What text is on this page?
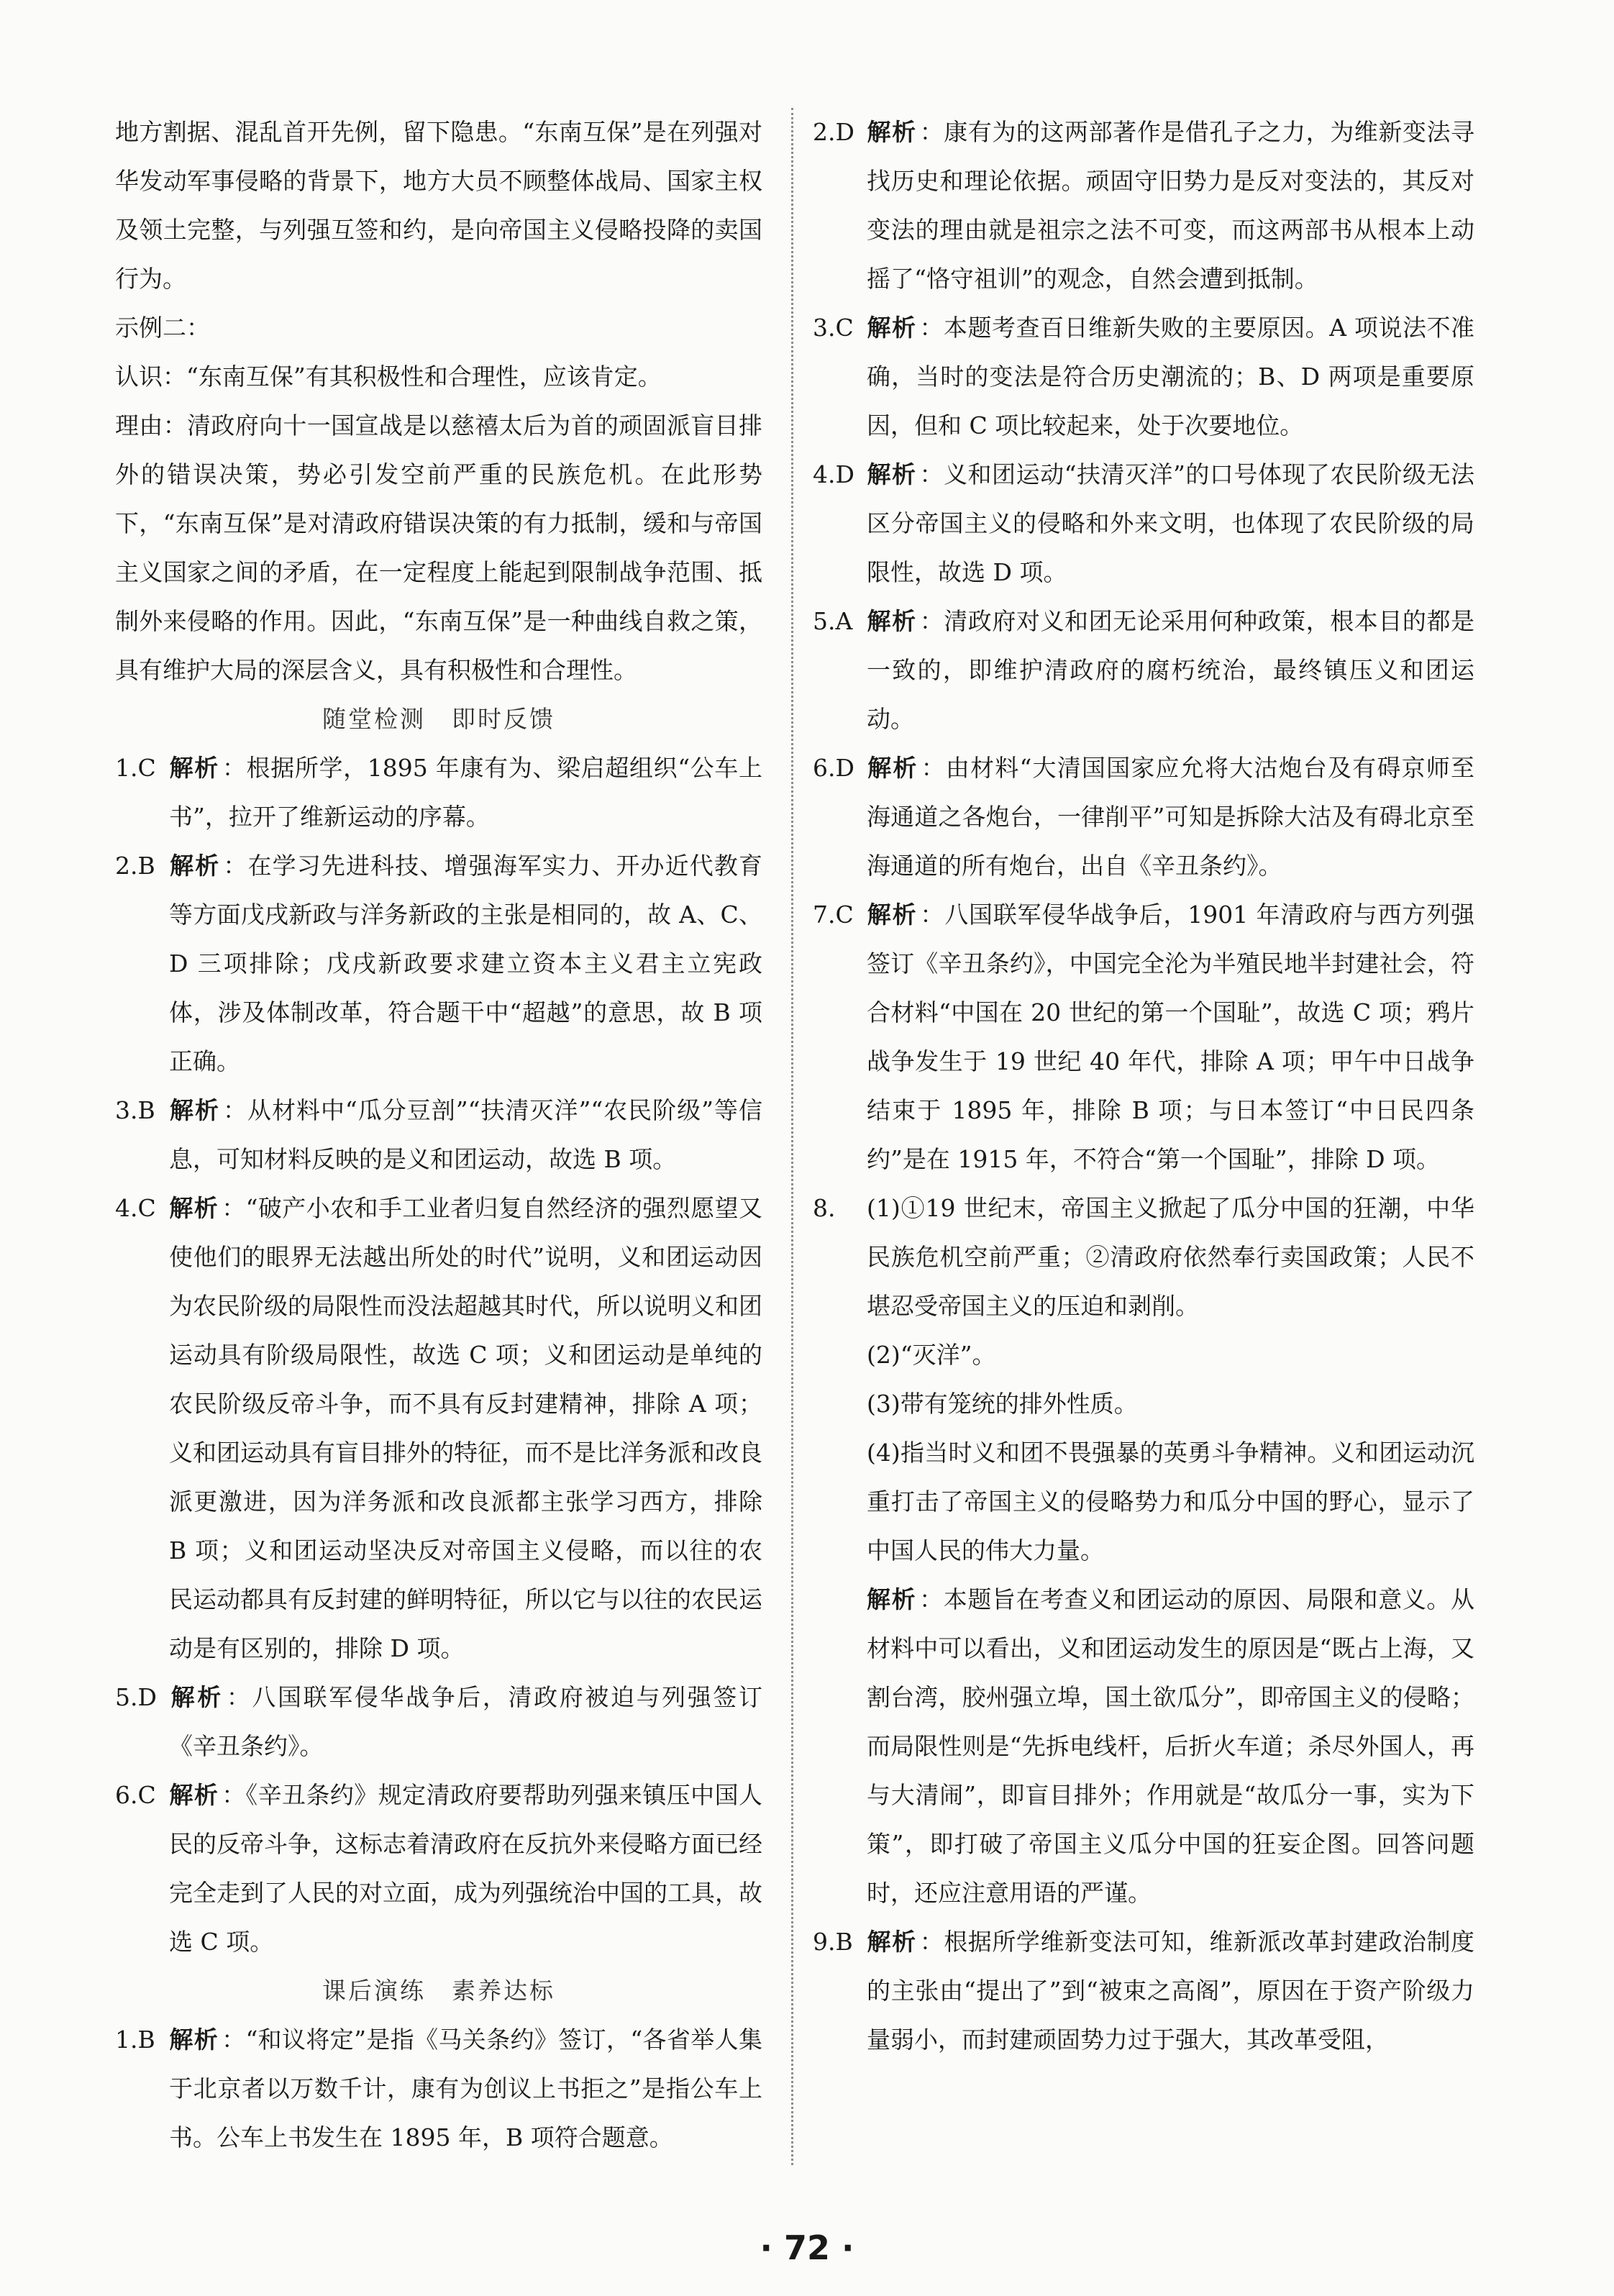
地方割据、混乱首开先例，留下隐患。“东南互保”是在列强对华发动军事侵略的背景下，地方大员不顾整体战局、国家主权及领土完整，与列强互签和约，是向帝国主义侵略投降的卖国行为。

示例二：

认识：“东南互保”有其积极性和合理性，应该肯定。

理由：清政府向十一国宣战是以慈禧太后为首的顽固派盲目排外的错误决策，势必引发空前严重的民族危机。在此形势下，“东南互保”是对清政府错误决策的有力抵制，缓和与帝国主义国家之间的矛盾，在一定程度上能起到限制战争范围、抵制外来侵略的作用。因此，“东南互保”是一种曲线自救之策，具有维护大局的深层含义，具有积极性和合理性。

随堂检测　即时反馈

1.C 解析 ：根据所学，1895 年康有为、梁启超组织“公车上书”，拉开了维新运动的序幕。

2.B 解析 ：在学习先进科技、增强海军实力、开办近代教育等方面戊戌新政与洋务新政的主张是相同的，故 A、C、D 三项排除；戊戌新政要求建立资本主义君主立宪政体，涉及体制改革，符合题干中“超越”的意思，故 B 项正确。

3.B 解析 ：从材料中“瓜分豆剖”“扶清灭洋”“农民阶级”等信息，可知材料反映的是义和团运动，故选 B 项。

4.C 解析 ：“破产小农和手工业者归复自然经济的强烈愿望又使他们的眼界无法越出所处的时代”说明，义和团运动因为农民阶级的局限性而没法超越其时代，所以说明义和团运动具有阶级局限性，故选 C 项；义和团运动是单纯的农民阶级反帝斗争，而不具有反封建精神，排除 A 项；义和团运动具有盲目排外的特征，而不是比洋务派和改良派更激进，因为洋务派和改良派都主张学习西方，排除 B 项；义和团运动坚决反对帝国主义侵略，而以往的农民运动都具有反封建的鲜明特征，所以它与以往的农民运动是有区别的，排除 D 项。

5.D 解析 ：八国联军侵华战争后，清政府被迫与列强签订《辛丑条约》。

6.C 解析 ：《辛丑条约》规定清政府要帮助列强来镇压中国人民的反帝斗争，这标志着清政府在反抗外来侵略方面已经完全走到了人民的对立面，成为列强统治中国的工具，故选 C 项。

课后演练　素养达标

1.B 解析 ：“和议将定”是指《马关条约》签订，“各省举人集于北京者以万数千计，康有为创议上书拒之”是指公车上书。公车上书发生在 1895 年，B 项符合题意。

2.D 解析 ：康有为的这两部著作是借孔子之力，为维新变法寻找历史和理论依据。顽固守旧势力是反对变法的，其反对变法的理由就是祖宗之法不可变，而这两部书从根本上动摇了“恪守祖训”的观念，自然会遭到抵制。

3.C 解析 ：本题考查百日维新失败的主要原因。A 项说法不准确，当时的变法是符合历史潮流的；B、D 两项是重要原因，但和 C 项比较起来，处于次要地位。

4.D 解析 ：义和团运动“扶清灭洋”的口号体现了农民阶级无法区分帝国主义的侵略和外来文明，也体现了农民阶级的局限性，故选 D 项。

5.A 解析 ：清政府对义和团无论采用何种政策，根本目的都是一致的，即维护清政府的腐朽统治，最终镇压义和团运动。

6.D 解析 ：由材料“大清国国家应允将大沽炮台及有碍京师至海通道之各炮台，一律削平”可知是拆除大沽及有碍北京至海通道的所有炮台，出自《辛丑条约》。

7.C 解析 ：八国联军侵华战争后，1901 年清政府与西方列强签订《辛丑条约》，中国完全沦为半殖民地半封建社会，符合材料“中国在 20 世纪的第一个国耻”，故选 C 项；鸦片战争发生于 19 世纪 40 年代，排除 A 项；甲午中日战争结束于 1895 年，排除 B 项；与日本签订“中日民四条约”是在 1915 年，不符合“第一个国耻”，排除 D 项。

8. (1)①19 世纪末，帝国主义掀起了瓜分中国的狂潮，中华民族危机空前严重；②清政府依然奉行卖国政策；人民不堪忍受帝国主义的压迫和剥削。

(2)“灭洋”。

(3)带有笼统的排外性质。

(4)指当时义和团不畏强暴的英勇斗争精神。义和团运动沉重打击了帝国主义的侵略势力和瓜分中国的野心，显示了中国人民的伟大力量。

解析 ：本题旨在考查义和团运动的原因、局限和意义。从材料中可以看出，义和团运动发生的原因是“既占上海，又割台湾，胶州强立埠，国土欲瓜分”，即帝国主义的侵略；而局限性则是“先拆电线杆，后折火车道；杀尽外国人，再与大清闹”，即盲目排外；作用就是“故瓜分一事，实为下策”，即打破了帝国主义瓜分中国的狂妄企图。回答问题时，还应注意用语的严谨。

9.B 解析 ：根据所学维新变法可知，维新派改革封建政治制度的主张由“提出了”到“被束之高阁”，原因在于资产阶级力量弱小，而封建顽固势力过于强大，其改革受阻，

· 72 ·
